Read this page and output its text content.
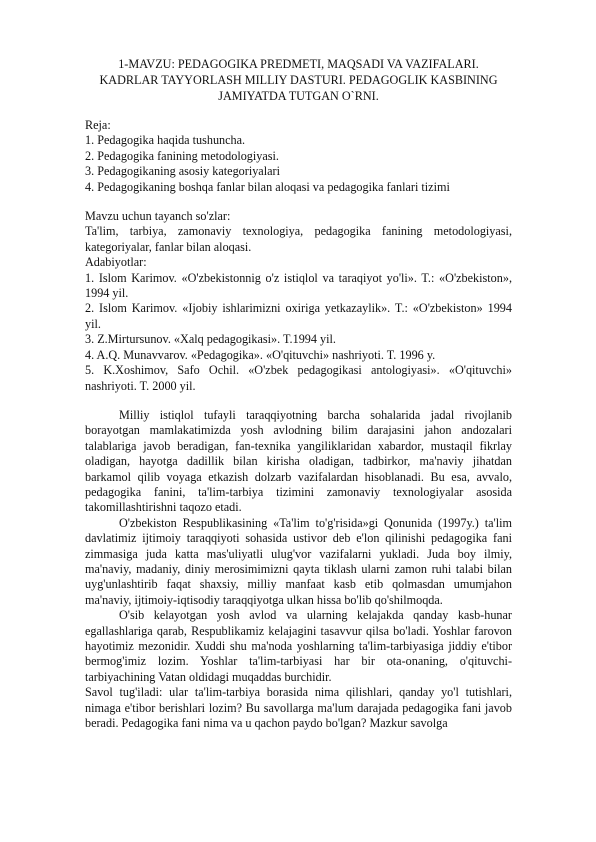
1-MAVZU: PEDAGOGIKA PREDMETI, MAQSADI VA VAZIFALARI.
KADRLAR TAYYORLASH MILLIY DASTURI. PEDAGOGLIK KASBINING
JAMIYATDA TUTGAN O`RNI.
Reja:
1. Pedagogika haqida tushuncha.
2. Pedagogika fanining metodologiyasi.
3. Pedagogikaning asosiy kategoriyalari
4. Pedagogikaning boshqa fanlar bilan aloqasi va pedagogika fanlari tizimi
Mavzu uchun tayanch so'zlar:

Ta'lim, tarbiya, zamonaviy texnologiya, pedagogika fanining metodologiyasi, kategoriyalar, fanlar bilan aloqasi.

Adabiyotlar:

1. Islom Karimov. «O'zbekistonnig o'z istiqlol va taraqiyot yo'li». T.: «O'zbekiston», 1994 yil.

2. Islom Karimov. «Ijobiy ishlarimizni oxiriga yetkazaylik». T.: «O'zbekiston» 1994 yil.

3. Z.Mirtursunov. «Xalq pedagogikasi». T.1994 yil.

4. A.Q. Munavvarov. «Pedagogika». «O'qituvchi» nashriyoti. T. 1996 y.

5. K.Xoshimov, Safo Ochil. «O'zbek pedagogikasi antologiyasi». «O'qituvchi» nashriyoti. T. 2000 yil.

Milliy istiqlol tufayli taraqqiyotning barcha sohalarida jadal rivojlanib borayotgan mamlakatimizda yosh avlodning bilim darajasini jahon andozalari talablariga javob beradigan, fan-texnika yangiliklaridan xabardor, mustaqil fikrlay oladigan, hayotga dadillik bilan kirisha oladigan, tadbirkor, ma'naviy jihatdan barkamol qilib voyaga etkazish dolzarb vazifalardan hisoblanadi. Bu esa, avvalo, pedagogika fanini, ta'lim-tarbiya tizimini zamonaviy texnologiyalar asosida takomillashtirishni taqozo etadi.

O'zbekiston Respublikasining «Ta'lim to'g'risida»gi Qonunida (1997y.) ta'lim davlatimiz ijtimoiy taraqqiyoti sohasida ustivor deb e'lon qilinishi pedagogika fani zimmasiga juda katta mas'uliyatli ulug'vor vazifalarni yukladi. Juda boy ilmiy, ma'naviy, madaniy, diniy merosimimizni qayta tiklash ularni zamon ruhi talabi bilan uyg'unlashtirib faqat shaxsiy, milliy manfaat kasb etib qolmasdan umumjahon ma'naviy, ijtimoiy-iqtisodiy taraqqiyotga ulkan hissa bo'lib qo'shilmoqda.

O'sib kelayotgan yosh avlod va ularning kelajakda qanday kasb-hunar egallashlariga qarab, Respublikamiz kelajagini tasavvur qilsa bo'ladi. Yoshlar farovon hayotimiz mezonidir. Xuddi shu ma'noda yoshlarning ta'lim-tarbiyasiga jiddiy e'tibor bermog'imiz lozim. Yoshlar ta'lim-tarbiyasi har bir ota-onaning, o'qituvchi-tarbiyachining Vatan oldidagi muqaddas burchidir.

Savol tug'iladi: ular ta'lim-tarbiya borasida nima qilishlari, qanday yo'l tutishlari, nimaga e'tibor berishlari lozim? Bu savollarga ma'lum darajada pedagogika fani javob beradi. Pedagogika fani nima va u qachon paydo bo'lgan? Mazkur savolga
